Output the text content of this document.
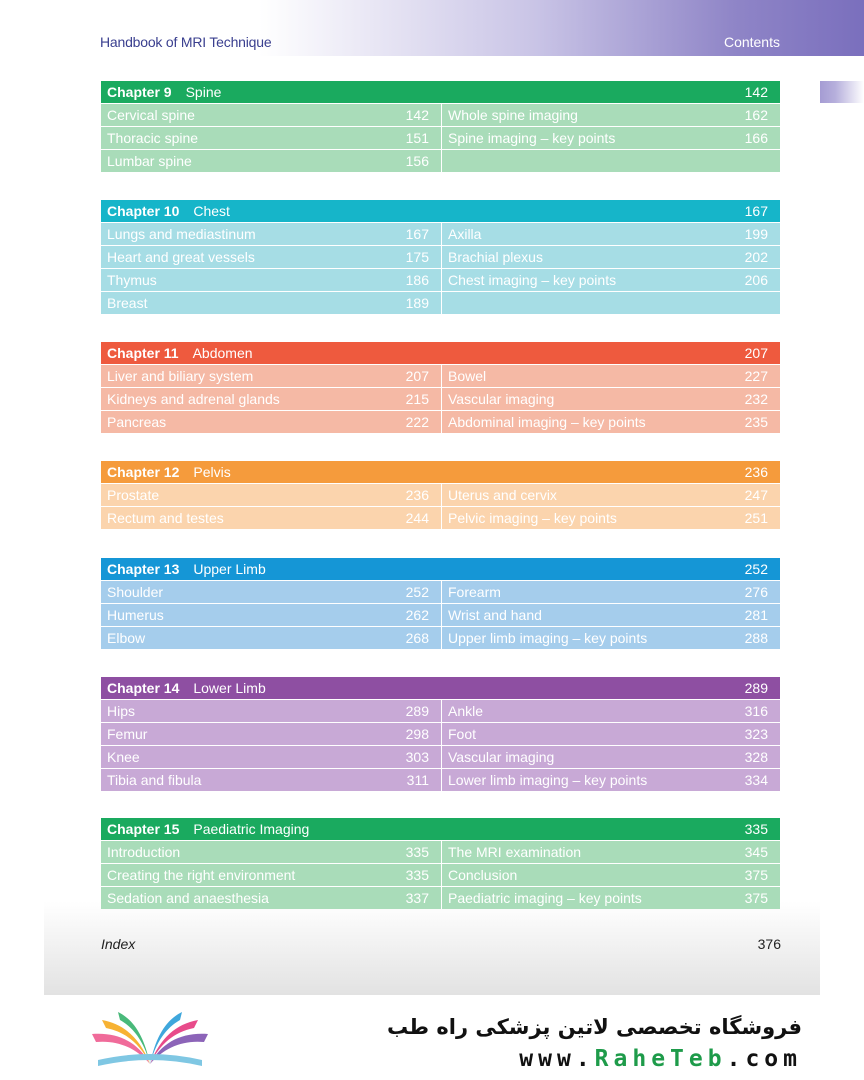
Handbook of MRI Technique	Contents
Chapter 9 Spine	142
Cervical spine	142
Thoracic spine	151
Lumbar spine	156
Whole spine imaging	162
Spine imaging – key points	166
Chapter 10 Chest	167
Lungs and mediastinum	167
Heart and great vessels	175
Thymus	186
Breast	189
Axilla	199
Brachial plexus	202
Chest imaging – key points	206
Chapter 11 Abdomen	207
Liver and biliary system	207
Kidneys and adrenal glands	215
Pancreas	222
Bowel	227
Vascular imaging	232
Abdominal imaging – key points	235
Chapter 12 Pelvis	236
Prostate	236
Rectum and testes	244
Uterus and cervix	247
Pelvic imaging – key points	251
Chapter 13 Upper Limb	252
Shoulder	252
Humerus	262
Elbow	268
Forearm	276
Wrist and hand	281
Upper limb imaging – key points	288
Chapter 14 Lower Limb	289
Hips	289
Femur	298
Knee	303
Tibia and fibula	311
Ankle	316
Foot	323
Vascular imaging	328
Lower limb imaging – key points	334
Chapter 15 Paediatric Imaging	335
Introduction	335
Creating the right environment	335
Sedation and anaesthesia	337
The MRI examination	345
Conclusion	375
Paediatric imaging – key points	375
Index	376
فروشگاه تخصصی لاتین پزشکی راه طب
www.RaheTeb.com
